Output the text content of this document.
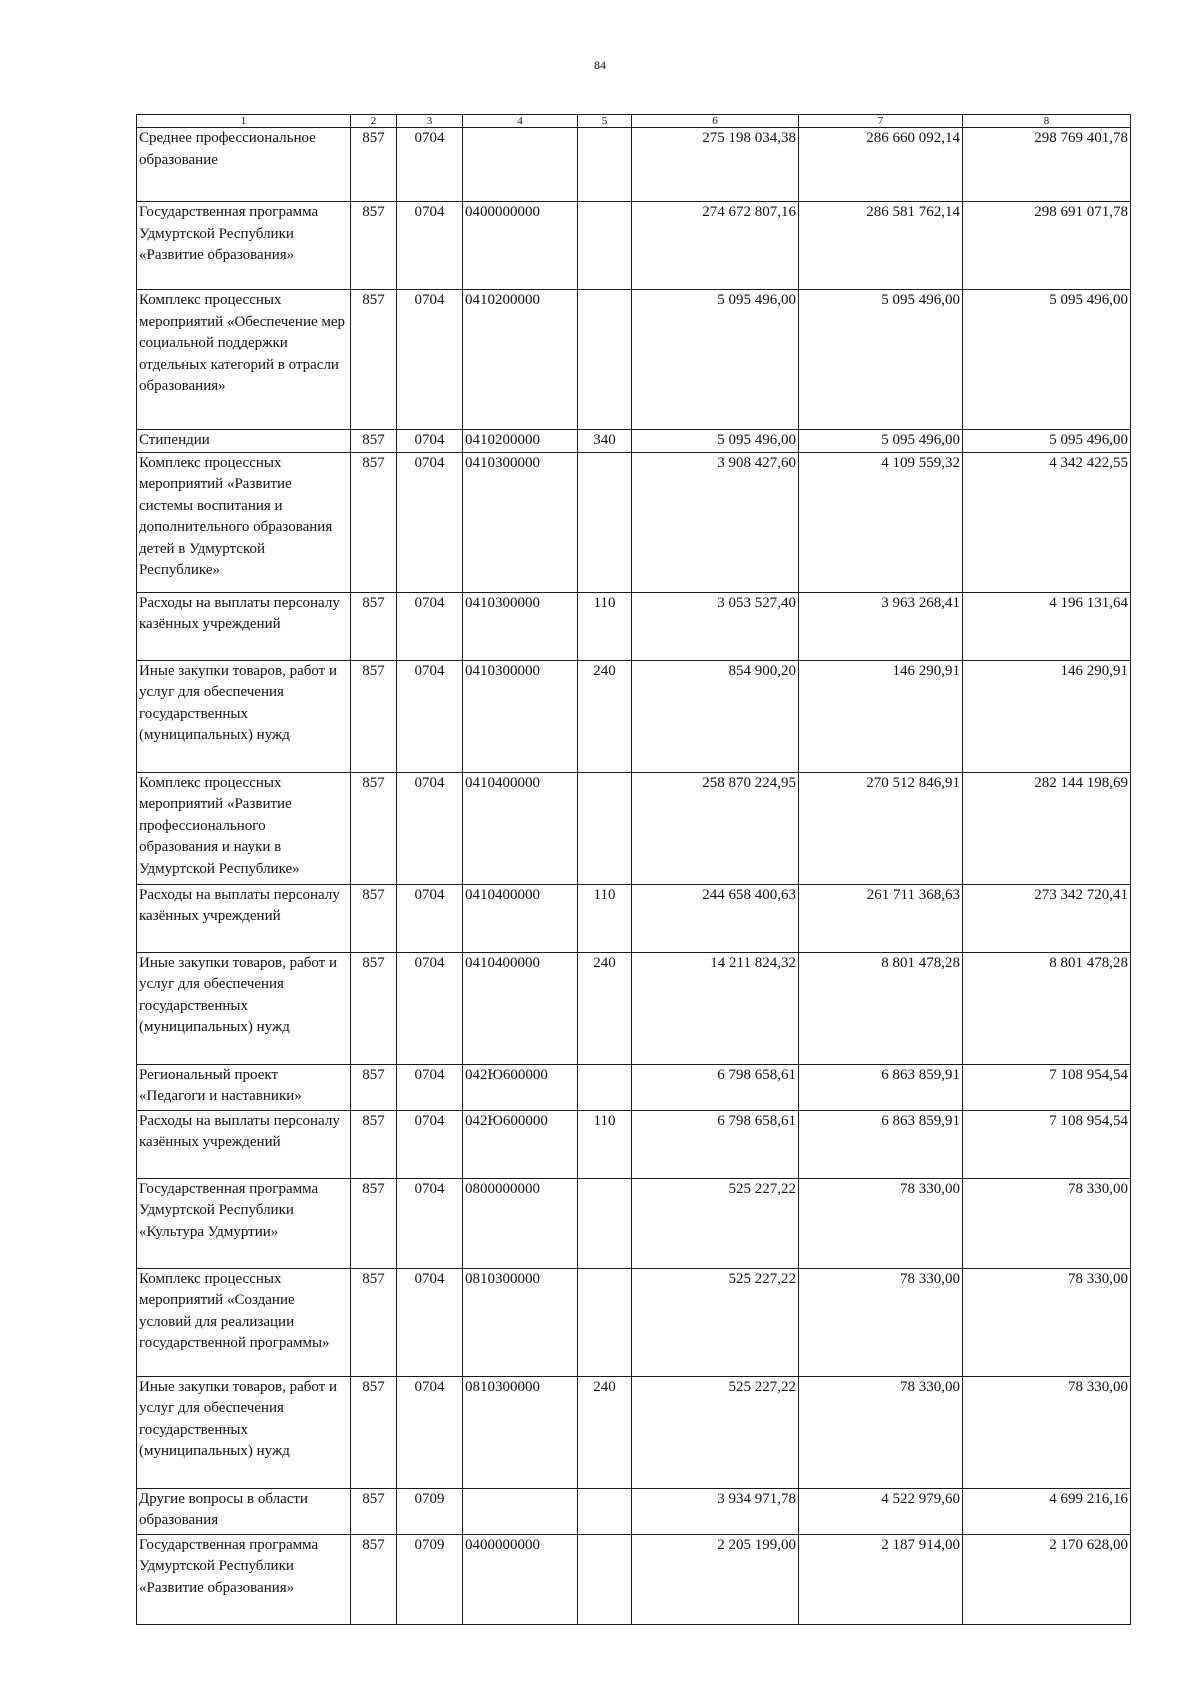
84
1	2	3	4	5	6	7	8
Среднее профессиональное образование	857	0704			275 198 034,38	286 660 092,14	298 769 401,78
Государственная программа Удмуртской Республики «Развитие образования»	857	0704	0400000000		274 672 807,16	286 581 762,14	298 691 071,78
Комплекс процессных мероприятий «Обеспечение мер социальной поддержки отдельных категорий в отрасли образования»	857	0704	0410200000		5 095 496,00	5 095 496,00	5 095 496,00
Стипендии	857	0704	0410200000	340	5 095 496,00	5 095 496,00	5 095 496,00
Комплекс процессных мероприятий «Развитие системы воспитания и дополнительного образования детей в Удмуртской Республике»	857	0704	0410300000		3 908 427,60	4 109 559,32	4 342 422,55
Расходы на выплаты персоналу казённых учреждений	857	0704	0410300000	110	3 053 527,40	3 963 268,41	4 196 131,64
Иные закупки товаров, работ и услуг для обеспечения государственных (муниципальных) нужд	857	0704	0410300000	240	854 900,20	146 290,91	146 290,91
Комплекс процессных мероприятий «Развитие профессионального образования и науки в Удмуртской Республике»	857	0704	0410400000		258 870 224,95	270 512 846,91	282 144 198,69
Расходы на выплаты персоналу казённых учреждений	857	0704	0410400000	110	244 658 400,63	261 711 368,63	273 342 720,41
Иные закупки товаров, работ и услуг для обеспечения государственных (муниципальных) нужд	857	0704	0410400000	240	14 211 824,32	8 801 478,28	8 801 478,28
Региональный проект «Педагоги и наставники»	857	0704	042Ю600000		6 798 658,61	6 863 859,91	7 108 954,54
Расходы на выплаты персоналу казённых учреждений	857	0704	042Ю600000	110	6 798 658,61	6 863 859,91	7 108 954,54
Государственная программа Удмуртской Республики «Культура Удмуртии»	857	0704	0800000000		525 227,22	78 330,00	78 330,00
Комплекс процессных мероприятий «Создание условий для реализации государственной программы»	857	0704	0810300000		525 227,22	78 330,00	78 330,00
Иные закупки товаров, работ и услуг для обеспечения государственных (муниципальных) нужд	857	0704	0810300000	240	525 227,22	78 330,00	78 330,00
Другие вопросы в области образования	857	0709			3 934 971,78	4 522 979,60	4 699 216,16
Государственная программа Удмуртской Республики «Развитие образования»	857	0709	0400000000		2 205 199,00	2 187 914,00	2 170 628,00
